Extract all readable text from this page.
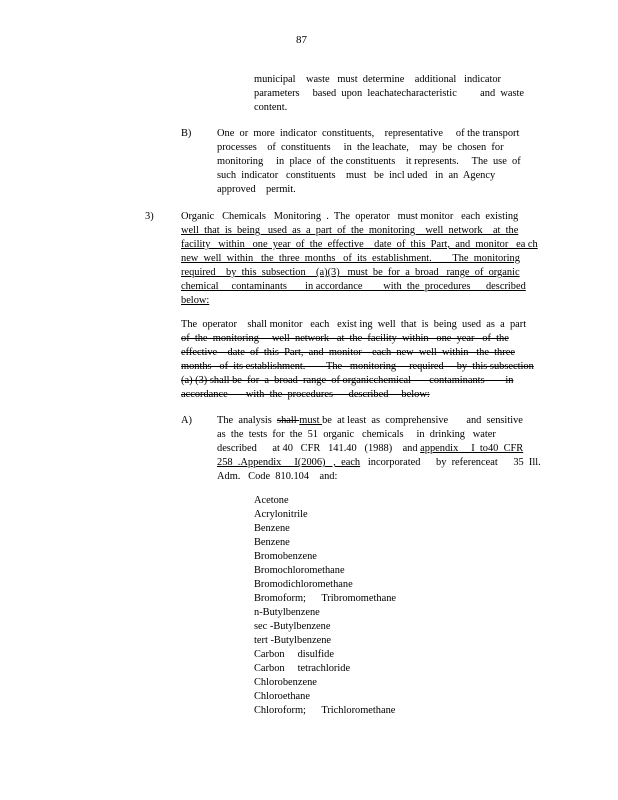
87
municipal    waste   must  determine    additional   indicator
parameters     based  upon  leachatecharacteristic         and  waste
content.
B) One  or  more  indicator  constituents,    representative     of the transport
processes    of  constituents     in  the leachate,    may  be  chosen  for
monitoring     in  place  of  the constituents    it represents.     The  use  of
such  indicator   constituents    must   be  incl uded   in  an  Agency
approved    permit.
3)	Organic   Chemicals   Monitoring  .  The  operator   must monitor   each  existing
well  that  is  being   used  as  a  part  of  the  monitoring    well  network    at  the
facility   within   one  year  of  the  effective    date  of  this  Part,  and  monitor   ea ch
new  well  within   the  three  months   of  its  establishment.        The  monitoring
required    by  this  subsection    (a)(3)   must  be  for  a  broad   range  of  organic
chemical     contaminants       in accordance        with  the  procedures      described
below:
The  operator    shall monitor   each   exist ing  well  that  is  being  used  as  a  part
of  the  monitoring     well  network   at  the  facility  within   one  year   of  the
effective    date  of  this  Part,  and  monitor    each  new  well  within   the  three
months   of  its establishment.        The   monitoring     required     by  this subsection
(a) (3) shall be  for  a  broad  range  of organicchemical       contaminants        in
accordance       with  the  procedures      described     below:
A) The  analysis  shall must be  at least  as  comprehensive       and  sensitive
as  the  tests  for  the  51  organic   chemicals     in  drinking   water
described      at 40   CFR   141.40   (1988)    and appendix     I  to40  CFR
258  .Appendix     I(2006)   ,  each   incorporated      by  referenceat      35  Ill.
Adm.   Code  810.104    and:
Acetone
Acrylonitrile
Benzene
Benzene
Bromobenzene
Bromochloromethane
Bromodichloromethane
Bromoform;      Tribromomethane
n-Butylbenzene
sec -Butylbenzene
tert -Butylbenzene
Carbon     disulfide
Carbon     tetrachloride
Chlorobenzene
Chloroethane
Chloroform;      Trichloromethane
